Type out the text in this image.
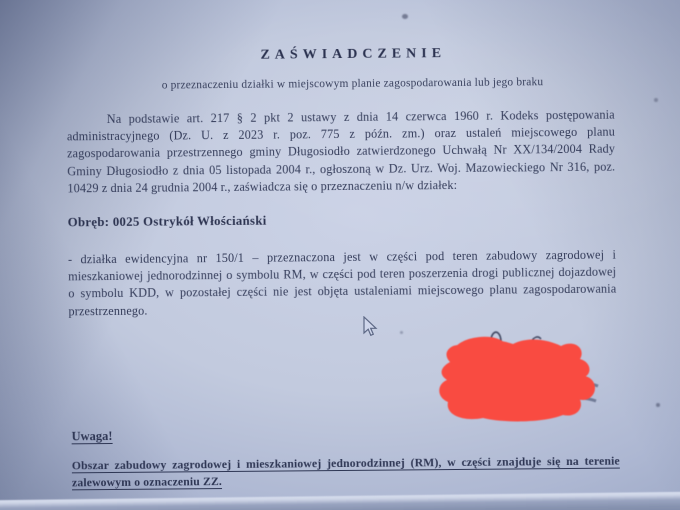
ZAŚWIADCZENIE
o przeznaczeniu działki w miejscowym planie zagospodarowania lub jego braku

Na podstawie art. 217 § 2 pkt 2 ustawy z dnia 14 czerwca 1960 r. Kodeks postępowania administracyjnego (Dz. U. z 2023 r. poz. 775 z późn. zm.) oraz ustaleń miejscowego planu zagospodarowania przestrzennego gminy Długosiodło zatwierdzonego Uchwałą Nr XX/134/2004 Rady Gminy Długosiodło z dnia 05 listopada 2004 r., ogłoszoną w Dz. Urz. Woj. Mazowieckiego Nr 316, poz. 10429 z dnia 24 grudnia 2004 r., zaświadcza się o przeznaczeniu n/w działek:

Obręb: 0025 Ostrykół Włościański

- działka ewidencyjna nr 150/1 – przeznaczona jest w części pod teren zabudowy zagrodowej i mieszkaniowej jednorodzinnej o symbolu RM, w części pod teren poszerzenia drogi publicznej dojazdowej o symbolu KDD, w pozostałej części nie jest objęta ustaleniami miejscowego planu zagospodarowania przestrzennego.

Uwaga!

Obszar zabudowy zagrodowej i mieszkaniowej jednorodzinnej (RM), w części znajduje się na terenie zalewowym o oznaczeniu ZZ.
